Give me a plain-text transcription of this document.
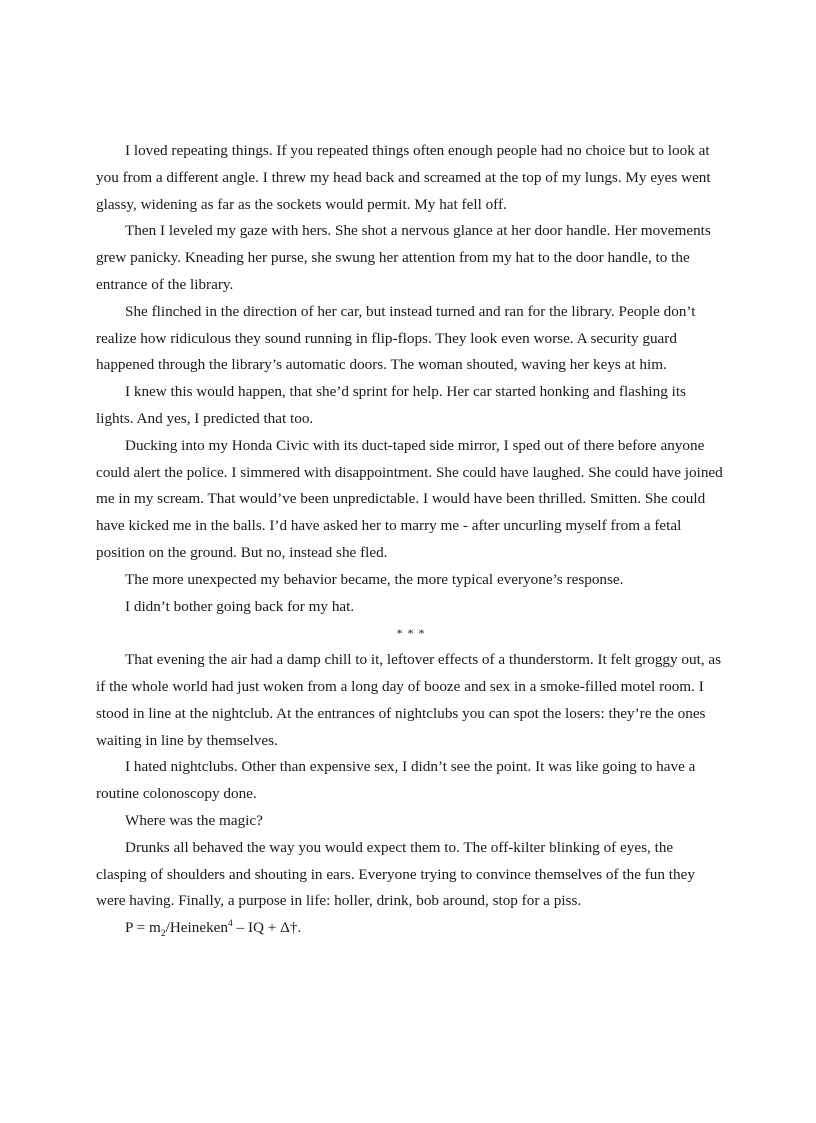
I loved repeating things. If you repeated things often enough people had no choice but to look at you from a different angle. I threw my head back and screamed at the top of my lungs. My eyes went glassy, widening as far as the sockets would permit. My hat fell off.

Then I leveled my gaze with hers. She shot a nervous glance at her door handle. Her movements grew panicky. Kneading her purse, she swung her attention from my hat to the door handle, to the entrance of the library.

She flinched in the direction of her car, but instead turned and ran for the library. People don’t realize how ridiculous they sound running in flip-flops. They look even worse. A security guard happened through the library’s automatic doors. The woman shouted, waving her keys at him.

I knew this would happen, that she’d sprint for help. Her car started honking and flashing its lights. And yes, I predicted that too.

Ducking into my Honda Civic with its duct-taped side mirror, I sped out of there before anyone could alert the police. I simmered with disappointment. She could have laughed. She could have joined me in my scream. That would’ve been unpredictable. I would have been thrilled. Smitten. She could have kicked me in the balls. I’d have asked her to marry me - after uncurling myself from a fetal position on the ground. But no, instead she fled.

The more unexpected my behavior became, the more typical everyone’s response.

I didn’t bother going back for my hat.

* * *

That evening the air had a damp chill to it, leftover effects of a thunderstorm. It felt groggy out, as if the whole world had just woken from a long day of booze and sex in a smoke-filled motel room. I stood in line at the nightclub. At the entrances of nightclubs you can spot the losers: they’re the ones waiting in line by themselves.

I hated nightclubs. Other than expensive sex, I didn’t see the point. It was like going to have a routine colonoscopy done.

Where was the magic?

Drunks all behaved the way you would expect them to. The off-kilter blinking of eyes, the clasping of shoulders and shouting in ears. Everyone trying to convince themselves of the fun they were having. Finally, a purpose in life: holler, drink, bob around, stop for a piss.

$P = m_2/Heineken^4$ – IQ + Δ†.
